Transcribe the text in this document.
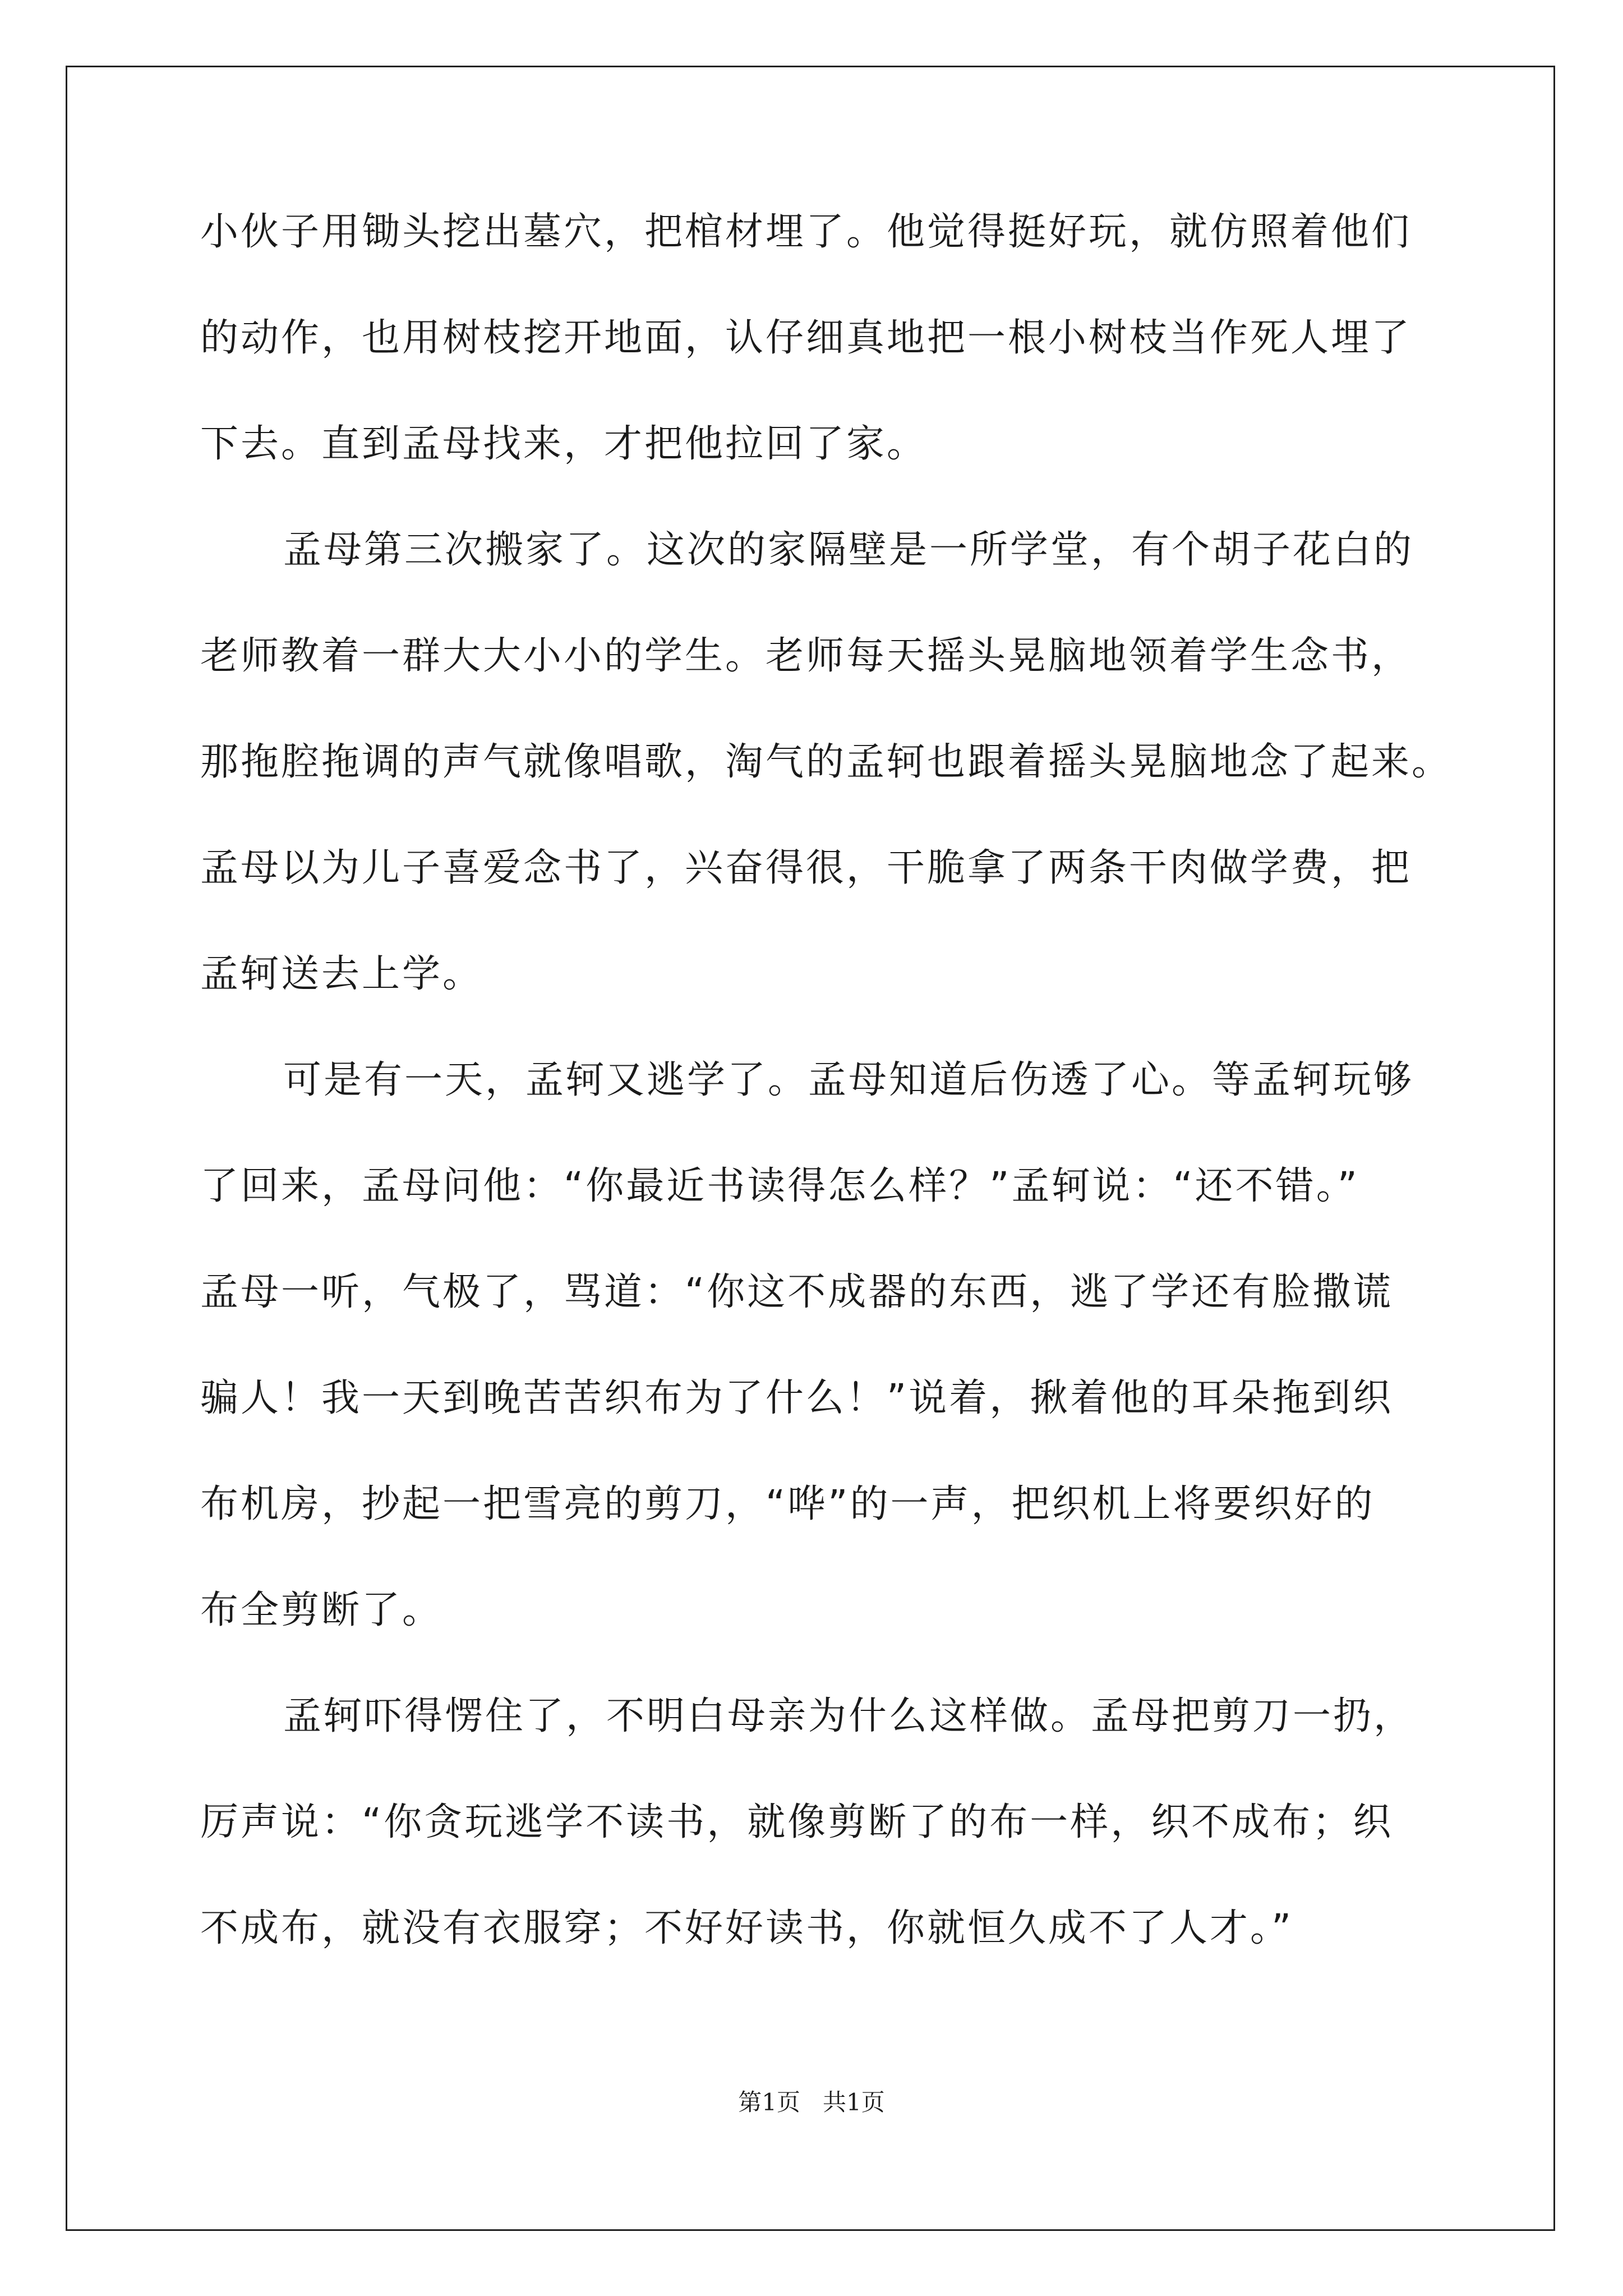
小伙子用锄头挖出墓穴，把棺材埋了。他觉得挺好玩，就仿照着他们
的动作，也用树枝挖开地面，认仔细真地把一根小树枝当作死人埋了
下去。直到孟母找来，才把他拉回了家。
孟母第三次搬家了。这次的家隔壁是一所学堂，有个胡子花白的
老师教着一群大大小小的学生。老师每天摇头晃脑地领着学生念书，
那拖腔拖调的声气就像唱歌，淘气的孟轲也跟着摇头晃脑地念了起来。
孟母以为儿子喜爱念书了，兴奋得很，干脆拿了两条干肉做学费，把
孟轲送去上学。
可是有一天，孟轲又逃学了。孟母知道后伤透了心。等孟轲玩够
了回来，孟母问他：“你最近书读得怎么样？”孟轲说：“还不错。”
孟母一听，气极了，骂道：“你这不成器的东西，逃了学还有脸撒谎
骗人！我一天到晚苦苦织布为了什么！”说着，揪着他的耳朵拖到织
布机房，抄起一把雪亮的剪刀，“哗”的一声，把织机上将要织好的
布全剪断了。
孟轲吓得愣住了，不明白母亲为什么这样做。孟母把剪刀一扔，
厉声说：“你贪玩逃学不读书，就像剪断了的布一样，织不成布；织
不成布，就没有衣服穿；不好好读书，你就恒久成不了人才。”
第1页   共1页
